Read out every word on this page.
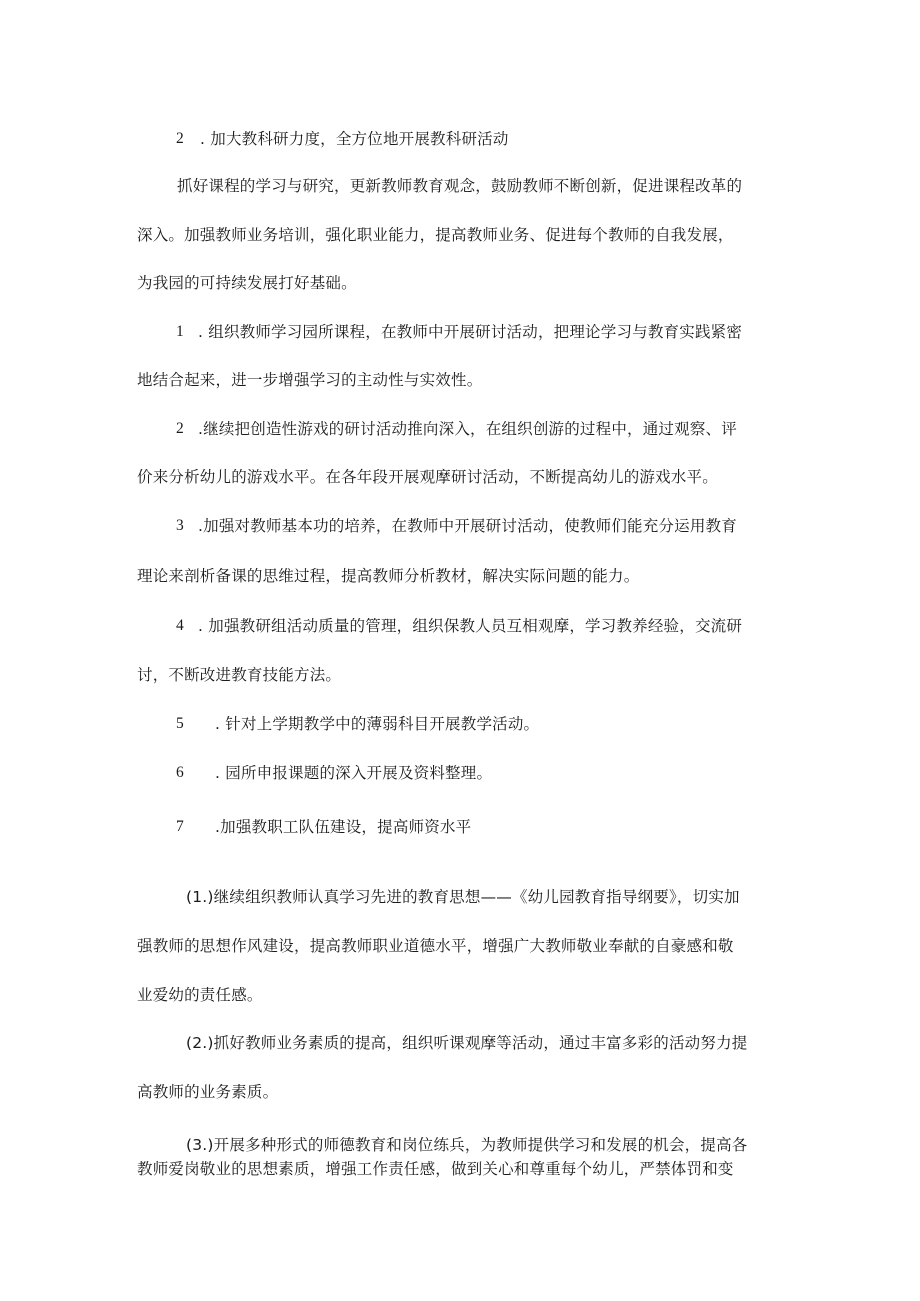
2 . 加大教科研力度，全方位地开展教科研活动
抓好课程的学习与研究，更新教师教育观念，鼓励教师不断创新，促进课程改革的
深入。加强教师业务培训，强化职业能力，提高教师业务、促进每个教师的自我发展，
为我园的可持续发展打好基础。
1 . 组织教师学习园所课程，在教师中开展研讨活动，把理论学习与教育实践紧密
地结合起来，进一步增强学习的主动性与实效性。
2 .继续把创造性游戏的研讨活动推向深入，在组织创游的过程中，通过观察、评
价来分析幼儿的游戏水平。在各年段开展观摩研讨活动，不断提高幼儿的游戏水平。
3 .加强对教师基本功的培养，在教师中开展研讨活动，使教师们能充分运用教育
理论来剖析备课的思维过程，提高教师分析教材，解决实际问题的能力。
4 . 加强教研组活动质量的管理，组织保教人员互相观摩，学习教养经验，交流研
讨，不断改进教育技能方法。
5 . 针对上学期教学中的薄弱科目开展教学活动。
6 . 园所申报课题的深入开展及资料整理。
7 .加强教职工队伍建设，提高师资水平
(1.)继续组织教师认真学习先进的教育思想——《幼儿园教育指导纲要》，切实加
强教师的思想作风建设，提高教师职业道德水平，增强广大教师敬业奉献的自豪感和敬
业爱幼的责任感。
(2.)抓好教师业务素质的提高，组织听课观摩等活动，通过丰富多彩的活动努力提
高教师的业务素质。
(3.)开展多种形式的师德教育和岗位练兵，为教师提供学习和发展的机会，提高各
教师爱岗敬业的思想素质，增强工作责任感，做到关心和尊重每个幼儿，严禁体罚和变
